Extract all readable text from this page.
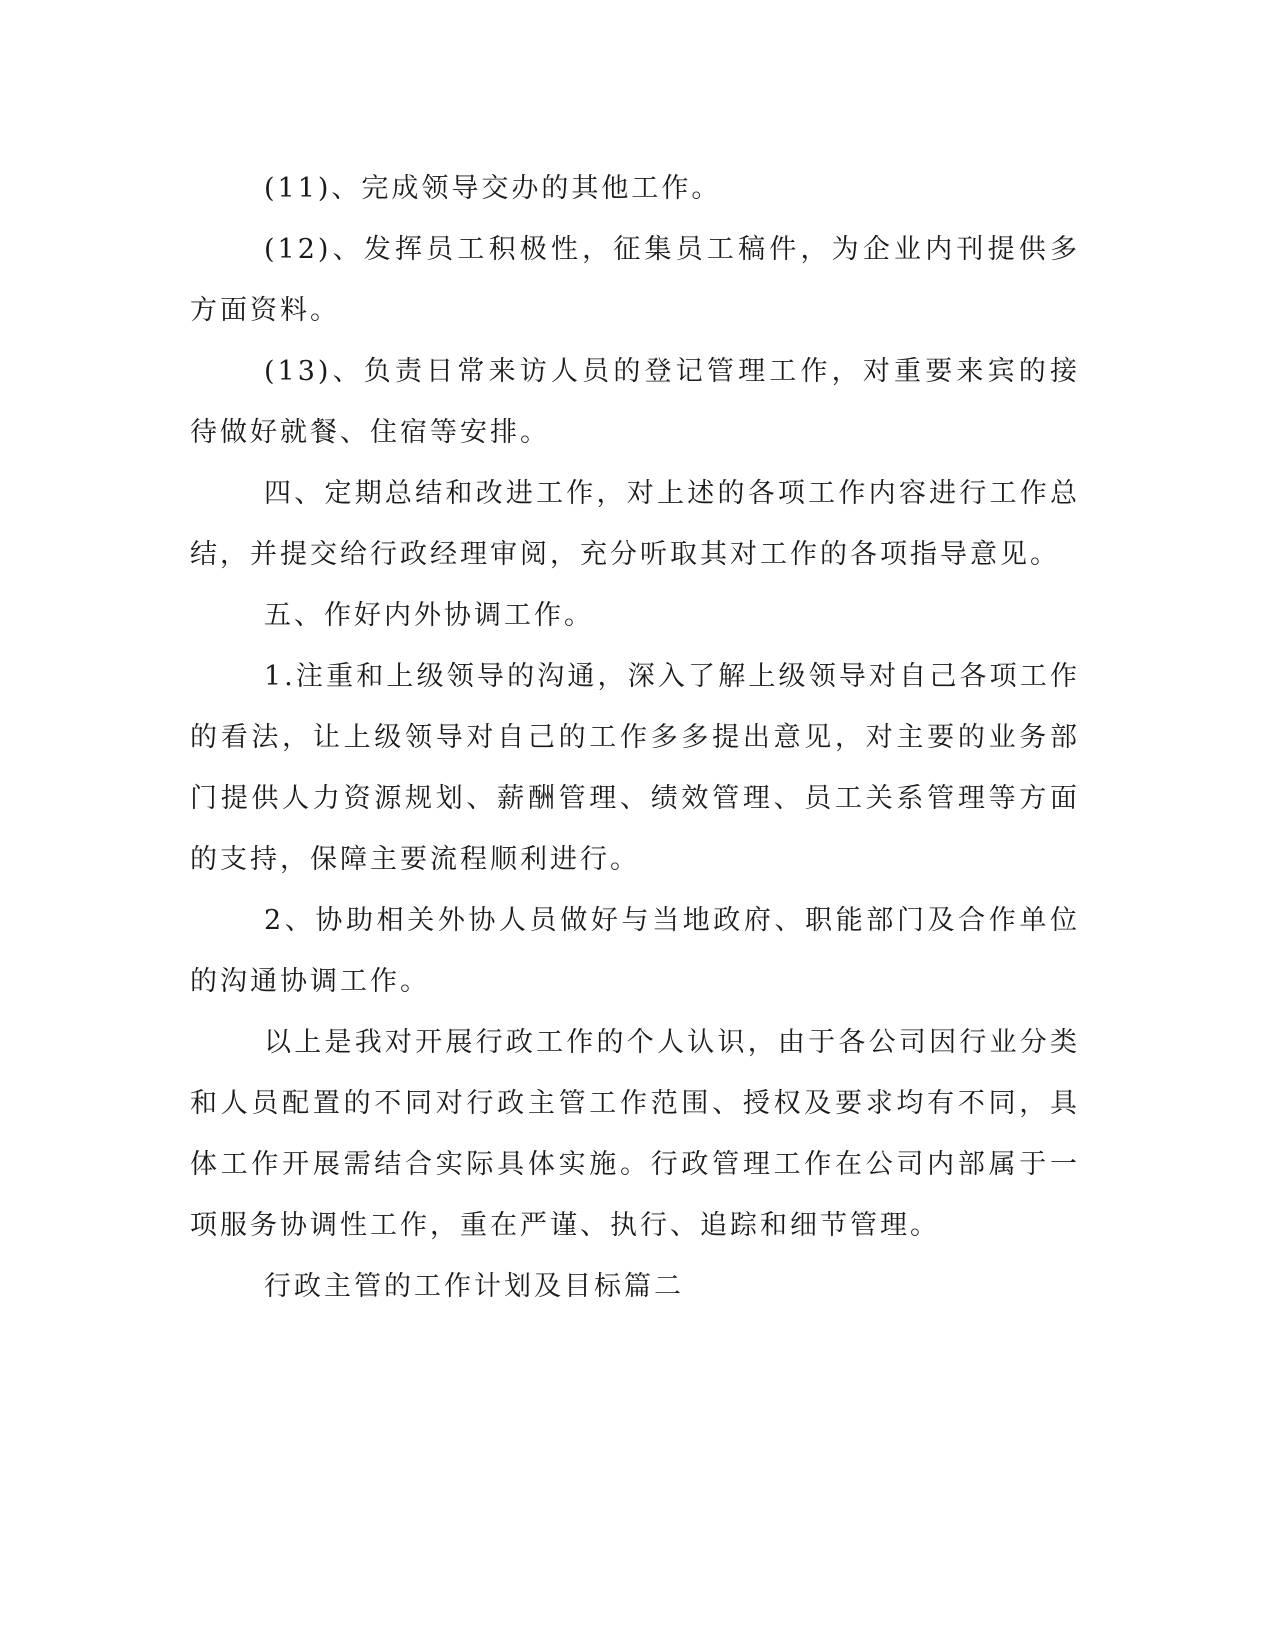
(11)、完成领导交办的其他工作。

(12)、发挥员工积极性，征集员工稿件，为企业内刊提供多方面资料。

(13)、负责日常来访人员的登记管理工作，对重要来宾的接待做好就餐、住宿等安排。

四、定期总结和改进工作，对上述的各项工作内容进行工作总结，并提交给行政经理审阅，充分听取其对工作的各项指导意见。

五、作好内外协调工作。

1.注重和上级领导的沟通，深入了解上级领导对自己各项工作的看法，让上级领导对自己的工作多多提出意见，对主要的业务部门提供人力资源规划、薪酬管理、绩效管理、员工关系管理等方面的支持，保障主要流程顺利进行。

2、协助相关外协人员做好与当地政府、职能部门及合作单位的沟通协调工作。

以上是我对开展行政工作的个人认识，由于各公司因行业分类和人员配置的不同对行政主管工作范围、授权及要求均有不同，具体工作开展需结合实际具体实施。行政管理工作在公司内部属于一项服务协调性工作，重在严谨、执行、追踪和细节管理。

行政主管的工作计划及目标篇二
